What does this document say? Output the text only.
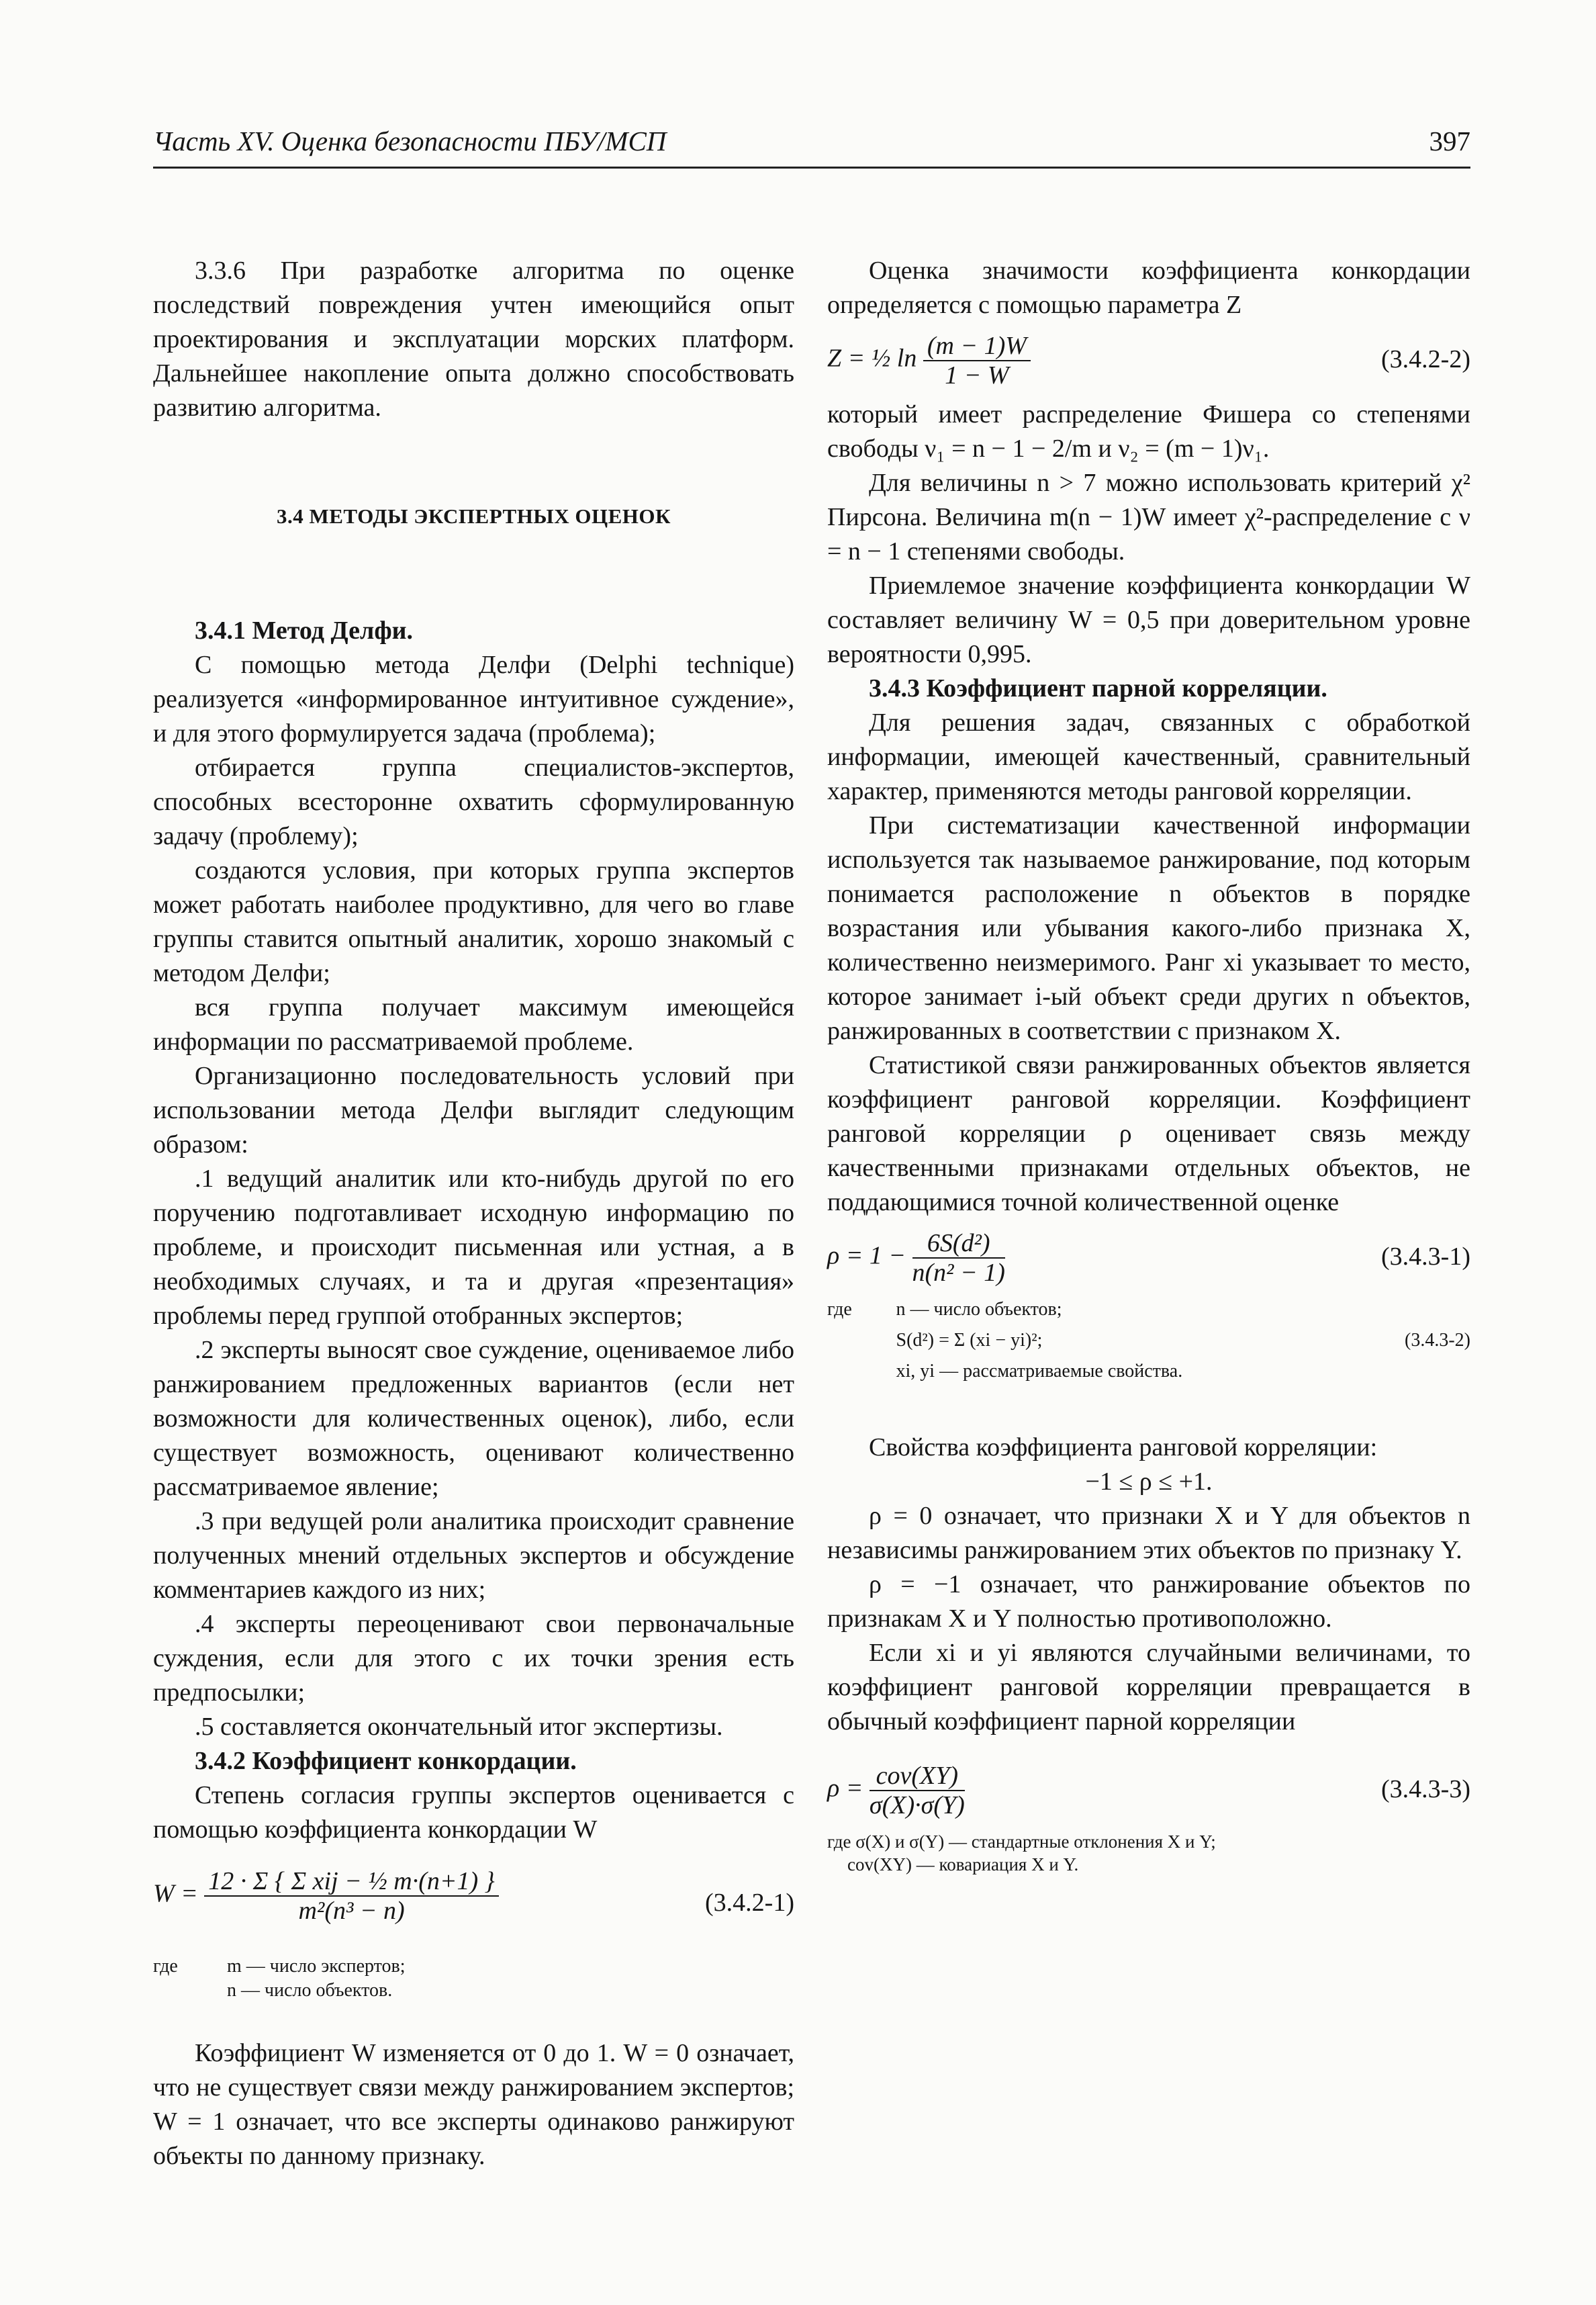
Часть XV. Оценка безопасности ПБУ/МСП	397

3.3.6 При разработке алгоритма по оценке последствий повреждения учтен имеющийся опыт проектирования и эксплуатации морских платформ. Дальнейшее накопление опыта должно способствовать развитию алгоритма.

3.4 МЕТОДЫ ЭКСПЕРТНЫХ ОЦЕНОК
3.4.1 Метод Делфи.

С помощью метода Делфи (Delphi technique) реализуется «информированное интуитивное суждение», и для этого формулируется задача (проблема);

отбирается группа специалистов-экспертов, способных всесторонне охватить сформулированную задачу (проблему);

создаются условия, при которых группа экспертов может работать наиболее продуктивно, для чего во главе группы ставится опытный аналитик, хорошо знакомый с методом Делфи;

вся группа получает максимум имеющейся информации по рассматриваемой проблеме.

Организационно последовательность условий при использовании метода Делфи выглядит следующим образом:

.1 ведущий аналитик или кто-нибудь другой по его поручению подготавливает исходную информацию по проблеме, и происходит письменная или устная, а в необходимых случаях, и та и другая «презентация» проблемы перед группой отобранных экспертов;

.2 эксперты выносят свое суждение, оцениваемое либо ранжированием предложенных вариантов (если нет возможности для количественных оценок), либо, если существует возможность, оценивают количественно рассматриваемое явление;

.3 при ведущей роли аналитика происходит сравнение полученных мнений отдельных экспертов и обсуждение комментариев каждого из них;

.4 эксперты переоценивают свои первоначальные суждения, если для этого с их точки зрения есть предпосылки;

.5 составляется окончательный итог экспертизы.

3.4.2 Коэффициент конкордации.

Степень согласия группы экспертов оценивается с помощью коэффициента конкордации W

$W = \frac{\text{12 · Σ \{ Σ xij − ½ m·(n+1) \}}}{\text{m²(n³ − n)}}$	(3.4.2-1)
где	m — число экспертов;
n — число объектов.

Коэффициент W изменяется от 0 до 1. W = 0 означает, что не существует связи между ранжированием экспертов; W = 1 означает, что все эксперты одинаково ранжируют объекты по данному признаку.

Оценка значимости коэффициента конкордации определяется с помощью параметра Z

Z = ½ $\ln \frac{(m - 1)W}{1 - W}$	(3.4.2-2)

который имеет распределение Фишера со степенями свободы ν₁ = n − 1 − 2/m и ν₂ = (m − 1)ν₁.

Для величины n > 7 можно использовать критерий χ² Пирсона. Величина m(n − 1)W имеет χ²-распределение с ν = n − 1 степенями свободы.

Приемлемое значение коэффициента конкордации W составляет величину W = 0,5 при доверительном уровне вероятности 0,995.

3.4.3 Коэффициент парной корреляции.

Для решения задач, связанных с обработкой информации, имеющей качественный, сравнительный характер, применяются методы ранговой корреляции.

При систематизации качественной информации используется так называемое ранжирование, под которым понимается расположение n объектов в порядке возрастания или убывания какого-либо признака X, количественно неизмеримого. Ранг xi указывает то место, которое занимает i-ый объект среди других n объектов, ранжированных в соответствии с признаком X.

Статистикой связи ранжированных объектов является коэффициент ранговой корреляции. Коэффициент ранговой корреляции ρ оценивает связь между качественными признаками отдельных объектов, не поддающимися точной количественной оценке

$\rho = 1 - \frac{\text{6S(d²)}}{\text{n(n² − 1)}}$	(3.4.3-1)
где	n — число объектов;
S(d²) = Σ (xi − yi)²;	(3.4.3-2)
xi, yi — рассматриваемые свойства.

Свойства коэффициента ранговой корреляции:

−1 ≤ ρ ≤ +1.

ρ = 0 означает, что признаки X и Y для объектов n независимы ранжированием этих объектов по признаку Y.

ρ = −1 означает, что ранжирование объектов по признакам X и Y полностью противоположно.

Если xi и yi являются случайными величинами, то коэффициент ранговой корреляции превращается в обычный коэффициент парной корреляции

$\rho = \frac{\text{cov(XY)}}{\sigma(X)\cdot\sigma(Y)}$	(3.4.3-3)
где σ(X) и σ(Y) — стандартные отклонения X и Y;
cov(XY) — ковариация X и Y.
